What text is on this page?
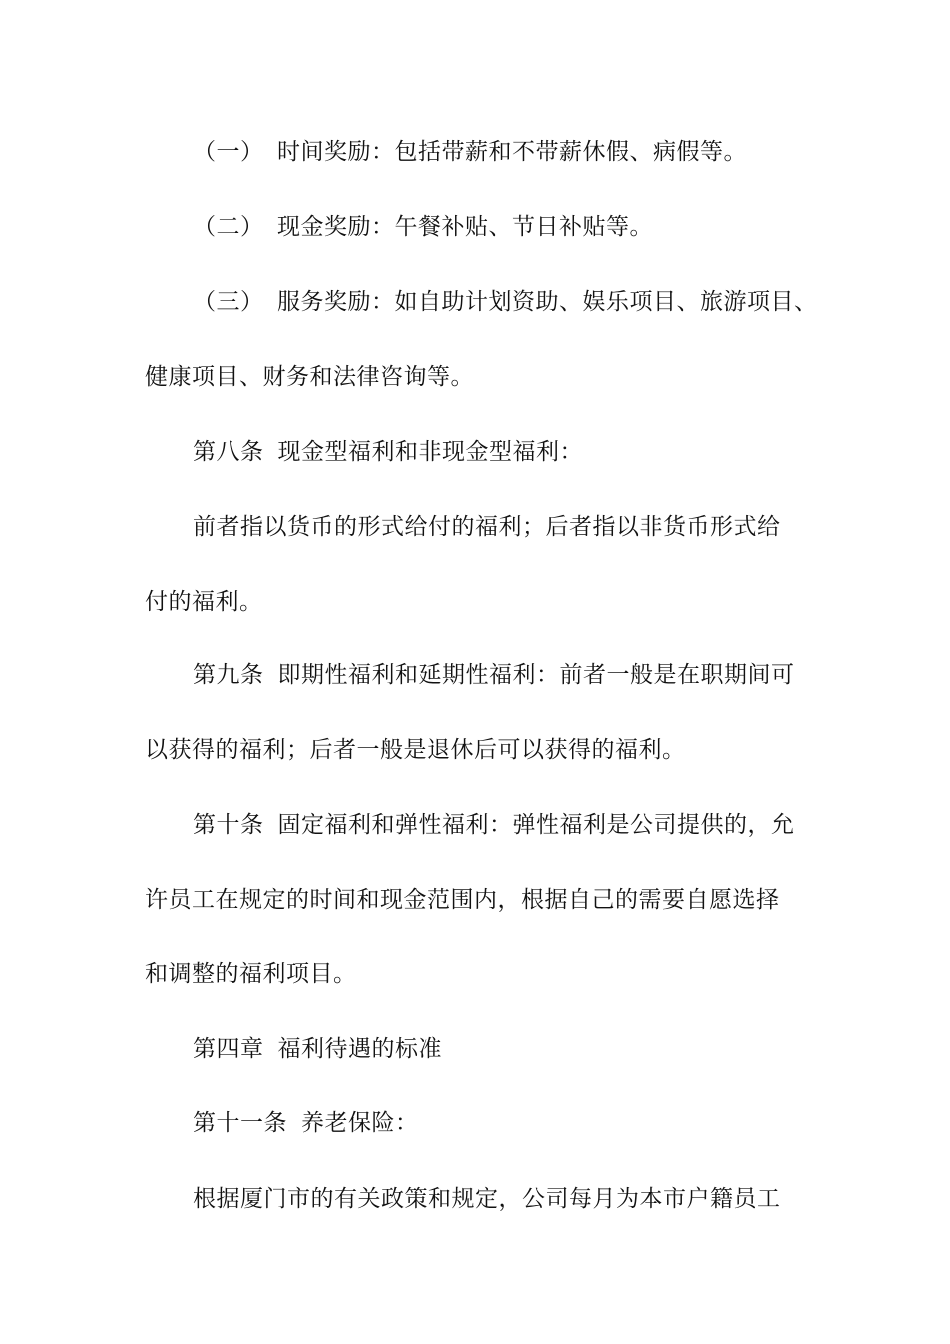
（一） 时间奖励：包括带薪和不带薪休假、病假等。
（二） 现金奖励：午餐补贴、节日补贴等。
（三） 服务奖励：如自助计划资助、娱乐项目、旅游项目、
健康项目、财务和法律咨询等。
第八条 现金型福利和非现金型福利：
前者指以货币的形式给付的福利；后者指以非货币形式给
付的福利。
第九条 即期性福利和延期性福利：前者一般是在职期间可
以获得的福利；后者一般是退休后可以获得的福利。
第十条 固定福利和弹性福利：弹性福利是公司提供的，允
许员工在规定的时间和现金范围内，根据自己的需要自愿选择
和调整的福利项目。
第四章 福利待遇的标准
第十一条 养老保险：
根据厦门市的有关政策和规定，公司每月为本市户籍员工
